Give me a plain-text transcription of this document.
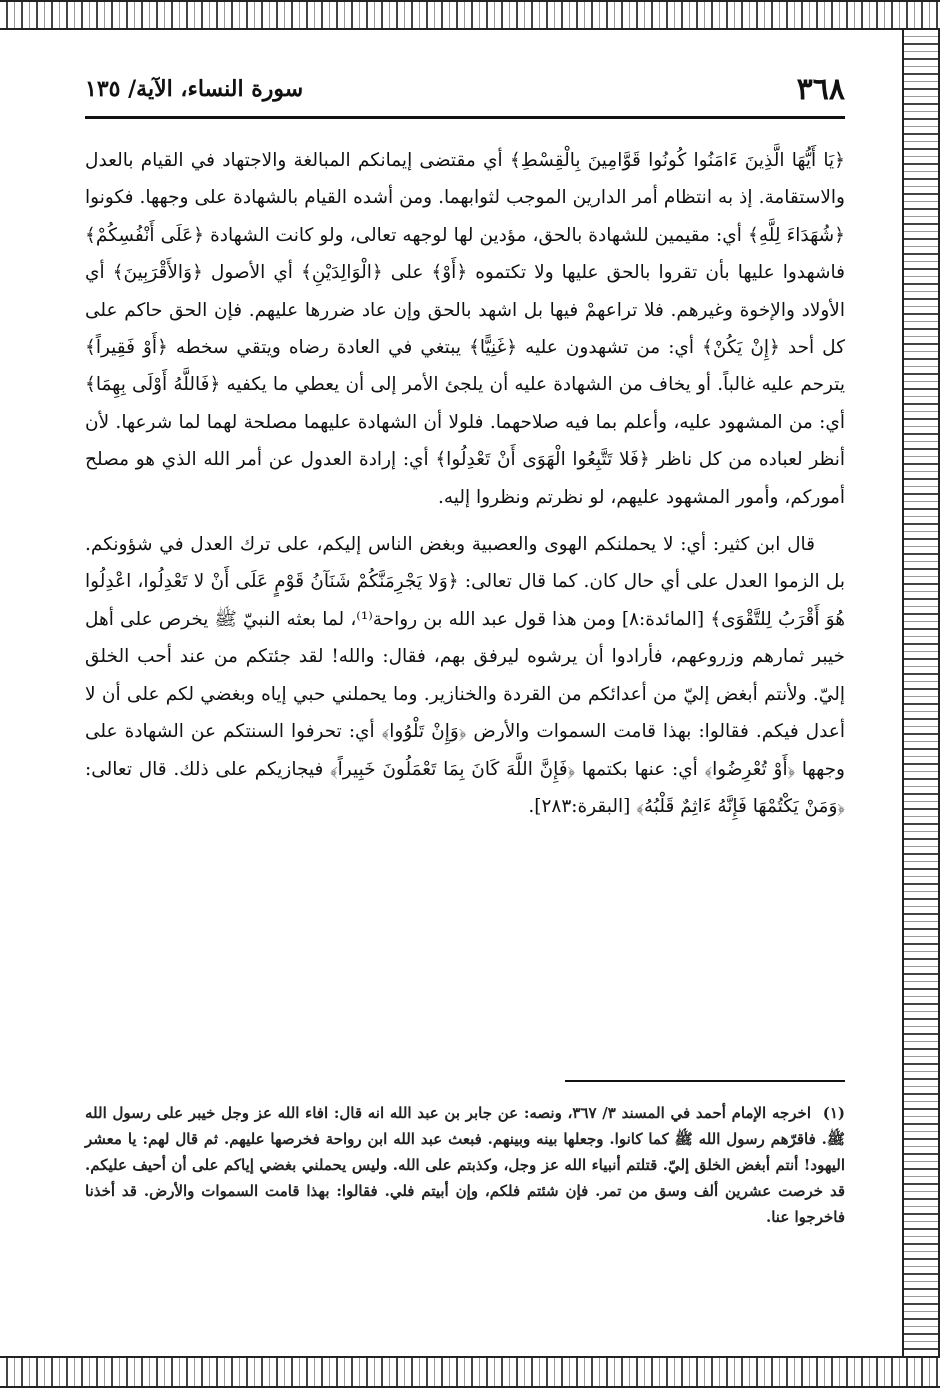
٣٦٨
سورة النساء، الآية/ ١٣٥

﴿يَا أَيُّهَا الَّذِينَ ءَامَنُوا كُونُوا قَوَّامِينَ بِالْقِسْطِ﴾ أي مقتضى إيمانكم المبالغة والاجتهاد في القيام بالعدل والاستقامة. إذ به انتظام أمر الدارين الموجب لثوابهما. ومن أشده القيام بالشهادة على وجهها. فكونوا ﴿شُهَدَاءَ لِلَّهِ﴾ أي: مقيمين للشهادة بالحق، مؤدين لها لوجهه تعالى، ولو كانت الشهادة ﴿عَلَى أَنْفُسِكُمْ﴾ فاشهدوا عليها بأن تقروا بالحق عليها ولا تكتموه ﴿أَوْ﴾ على ﴿الْوَالِدَيْنِ﴾ أي الأصول ﴿وَالأَقْرَبِينَ﴾ أي الأولاد والإخوة وغيرهم. فلا تراعهمْ فيها بل اشهد بالحق وإن عاد ضررها عليهم. فإن الحق حاكم على كل أحد ﴿إِنْ يَكُنْ﴾ أي: من تشهدون عليه ﴿غَنِيًّا﴾ يبتغي في العادة رضاه ويتقي سخطه ﴿أَوْ فَقِيراً﴾ يترحم عليه غالباً. أو يخاف من الشهادة عليه أن يلجئ الأمر إلى أن يعطي ما يكفيه ﴿فَاللَّهُ أَوْلَى بِهِمَا﴾ أي: من المشهود عليه، وأعلم بما فيه صلاحهما. فلولا أن الشهادة عليهما مصلحة لهما لما شرعها. لأن أنظر لعباده من كل ناظر ﴿فَلا تَتَّبِعُوا الْهَوَى أَنْ تَعْدِلُوا﴾ أي: إرادة العدول عن أمر الله الذي هو مصلح أموركم، وأمور المشهود عليهم، لو نظرتم ونظروا إليه.

قال ابن كثير: أي: لا يحملنكم الهوى والعصبية وبغض الناس إليكم، على ترك العدل في شؤونكم. بل الزموا العدل على أي حال كان. كما قال تعالى: ﴿وَلا يَجْرِمَنَّكُمْ شَنَآنُ قَوْمٍ عَلَى أَنْ لا تَعْدِلُوا، اعْدِلُوا هُوَ أَقْرَبُ لِلتَّقْوَى﴾ [المائدة:٨] ومن هذا قول عبد الله بن رواحة⁽¹⁾، لما بعثه النبيّ ﷺ يخرص على أهل خيبر ثمارهم وزروعهم، فأرادوا أن يرشوه ليرفق بهم، فقال: والله! لقد جئتكم من عند أحب الخلق إليّ. ولأنتم أبغض إليّ من أعدائكم من القردة والخنازير. وما يحملني حبي إياه وبغضي لكم على أن لا أعدل فيكم. فقالوا: بهذا قامت السموات والأرض ﴿وَإِنْ تَلْوُوا﴾ أي: تحرفوا السنتكم عن الشهادة على وجهها ﴿أَوْ تُعْرِضُوا﴾ أي: عنها بكتمها ﴿فَإِنَّ اللَّهَ كَانَ بِمَا تَعْمَلُونَ خَبِيراً﴾ فيجازيكم على ذلك. قال تعالى: ﴿وَمَنْ يَكْتُمْهَا فَإِنَّهُ ءَاثِمٌ قَلْبُهُ﴾ [البقرة:٢٨٣].

(١) اخرجه الإمام أحمد في المسند ٣/ ٣٦٧، ونصه: عن جابر بن عبد الله انه قال: افاء الله عز وجل خيبر على رسول الله ﷺ. فاقرّهم رسول الله ﷺ كما كانوا. وجعلها بينه وبينهم. فبعث عبد الله ابن رواحة فخرصها عليهم. ثم قال لهم: يا معشر اليهود! أنتم أبغض الخلق إليّ. قتلتم أنبياء الله عز وجل، وكذبتم على الله. وليس يحملني بغضي إياكم على أن أحيف عليكم. قد خرصت عشرين ألف وسق من تمر. فإن شئتم فلكم، وإن أبيتم فلي. فقالوا: بهذا قامت السموات والأرض. قد أخذنا فاخرجوا عنا.
